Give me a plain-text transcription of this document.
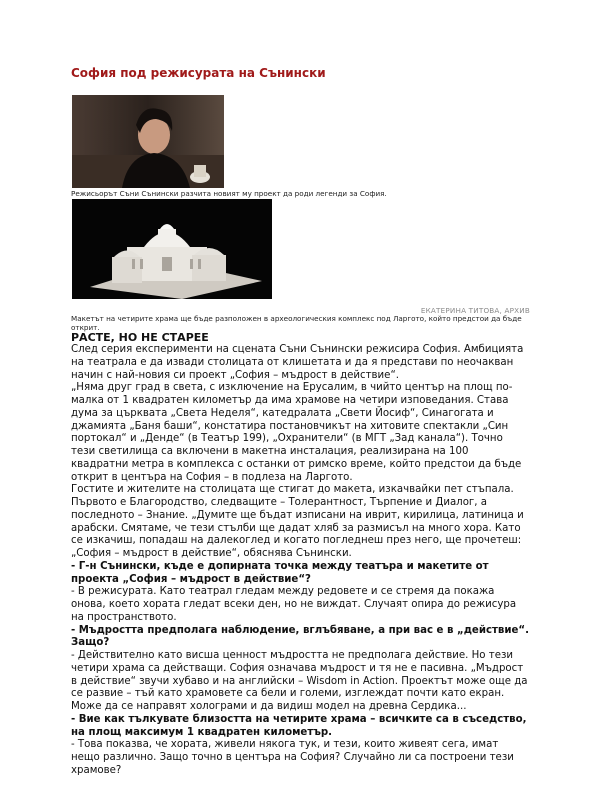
София под режисурата на Сънински
Режисьорът Съни Сънински разчита новият му проект да роди легенди за София.
ЕКАТЕРИНА ТИТОВА, АРХИВ
Макетът на четирите храма ще бъде разположен в археологическия комплекс под Ларгото, който предстои да бъде открит.
РАСТЕ, НО НЕ СТАРЕЕ

След серия експерименти на сцената Съни Сънински режисира София. Амбицията на театрала е да извади столицата от клишетата и да я представи по неочакван начин с най-новия си проект „София – мъдрост в действие“.

„Няма друг град в света, с изключение на Ерусалим, в чийто център на площ по-малка от 1 квадратен километър да има храмове на четири изповедания. Става дума за църквата „Света Неделя“, катедралата „Свети Йосиф“, Синагогата и джамията „Баня баши“, констатира постановчикът на хитовите спектакли „Син портокал“ и „Денде“ (в Театър 199), „Охранители“ (в МГТ „Зад канала“). Точно тези светилища са включени в макетна инсталация, реализирана на 100 квадратни метра в комплекса с останки от римско време, който предстои да бъде открит в центъра на София – в подлеза на Ларгото.

Гостите и жителите на столицата ще стигат до макета, изкачвайки пет стъпала. Първото е Благородство, следващите – Толерантност, Търпение и Диалог, а последното – Знание. „Думите ще бъдат изписани на иврит, кирилица, латиница и арабски. Смятаме, че тези стълби ще дадат хляб за размисъл на много хора. Като се изкачиш, попадаш на далекоглед и когато погледнеш през него, ще прочетеш: „София – мъдрост в действие“, обяснява Сънински.

- Г-н Сънински, къде е допирната точка между театъра и макетите от проекта „София – мъдрост в действие“?

- В режисурата. Като театрал гледам между редовете и се стремя да покажа онова, което хората гледат всеки ден, но не виждат. Случаят опира до режисура на пространството.

- Мъдростта предполага наблюдение, вглъбяване, а при вас е в „действие“. Защо?

- Действително като висша ценност мъдростта не предполага действие. Но тези четири храма са действащи. София означава мъдрост и тя не е пасивна. „Мъдрост в действие“ звучи хубаво и на английски – Wisdom in Action. Проектът може още да се развие – тъй като храмовете са бели и големи, изглеждат почти като екран. Може да се направят холограми и да видиш модел на древна Сердика...

- Вие как тълкувате близостта на четирите храма – всичките са в съседство, на площ максимум 1 квадратен километър.

- Това показва, че хората, живели някога тук, и тези, които живеят сега, имат нещо различно. Защо точно в центъра на София? Случайно ли са построени тези храмове?
